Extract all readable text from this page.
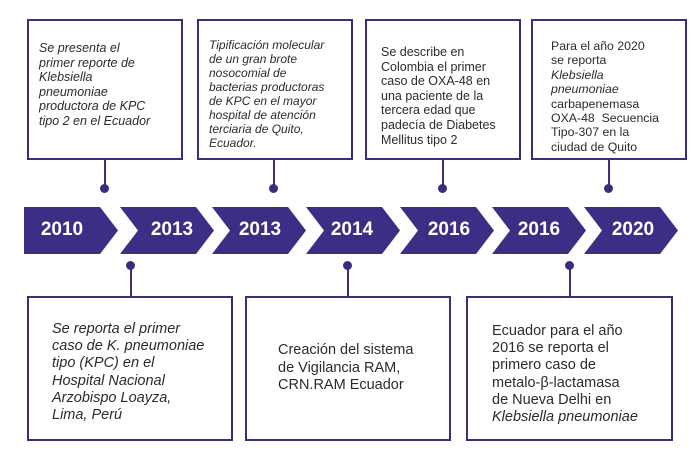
2010	2013	2013	2014	2016	2016	2020
Se presenta el
primer reporte de
Klebsiella
pneumoniae
productora de KPC
tipo 2 en el Ecuador
Tipificación molecular
de un gran brote
nosocomial de
bacterias productoras
de KPC en el mayor
hospital de atención
terciaria de Quito,
Ecuador.
Se describe en
Colombia el primer
caso de OXA-48 en
una paciente de la
tercera edad que
padecía de Diabetes
Mellitus tipo 2
Para el año 2020
se reporta
Klebsiella
pneumoniae
carbapenemasa
OXA-48  Secuencia
Tipo-307 en la
ciudad de Quito
Se reporta el primer
caso de K. pneumoniae
tipo (KPC) en el
Hospital Nacional
Arzobispo Loayza,
Lima, Perú
Creación del sistema
de Vigilancia RAM,
CRN.RAM Ecuador
Ecuador para el año
2016 se reporta el
primero caso de
metalo-β-lactamasa
de Nueva Delhi en
Klebsiella pneumoniae
